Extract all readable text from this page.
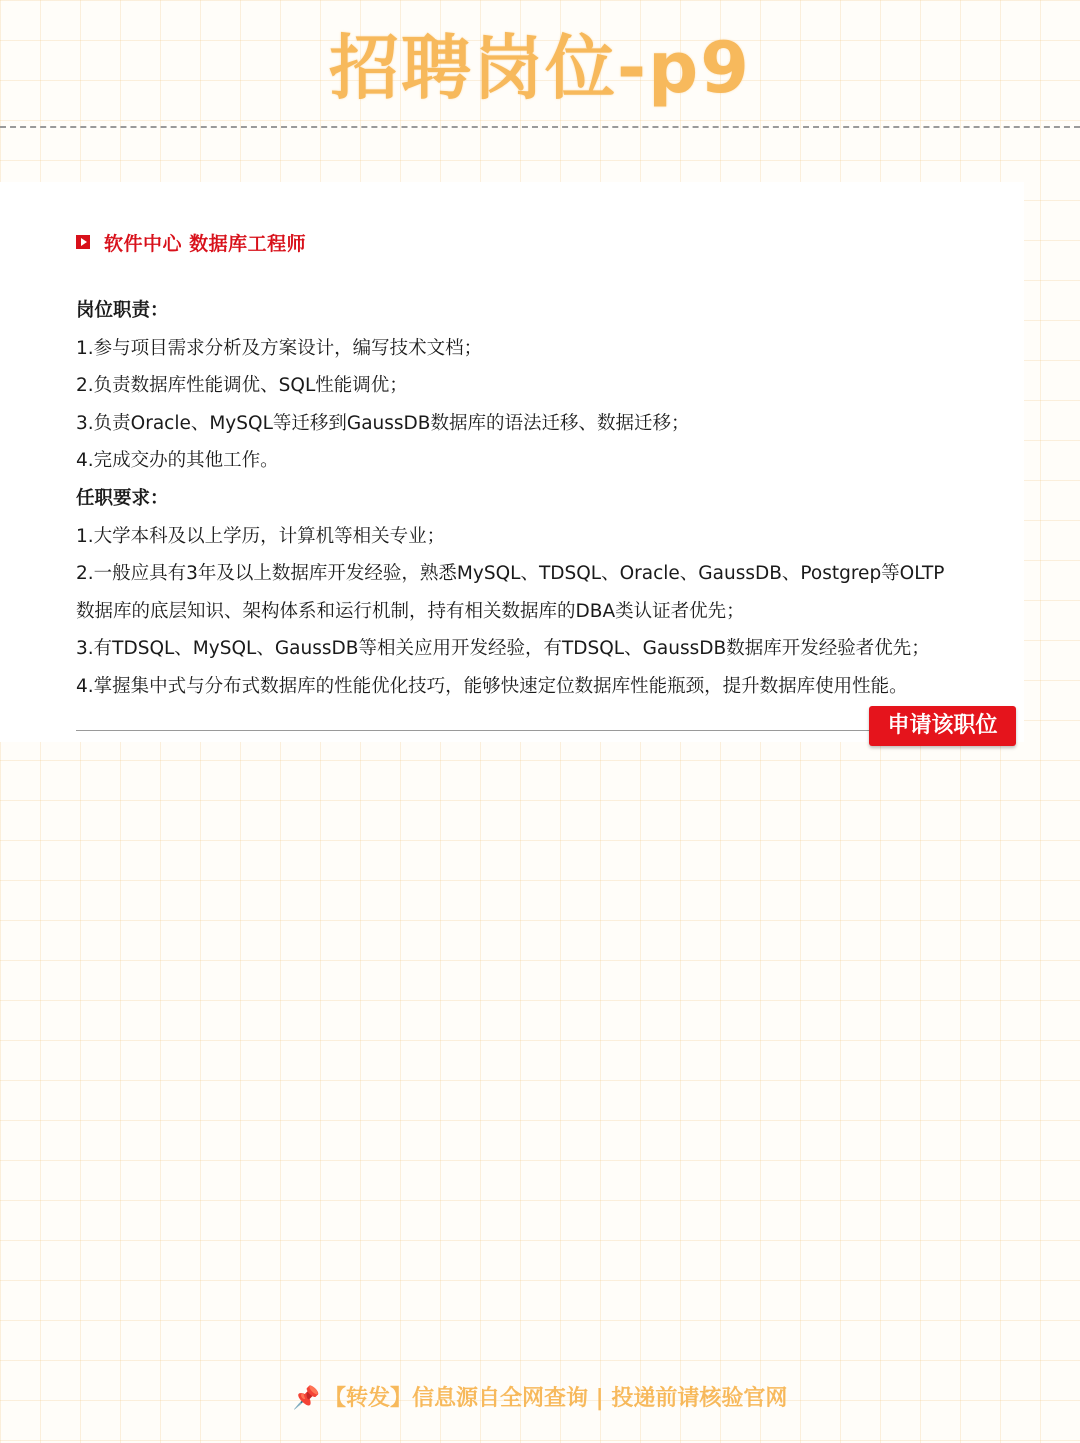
招聘岗位-p9
软件中心 数据库工程师
岗位职责：
1.参与项目需求分析及方案设计，编写技术文档；
2.负责数据库性能调优、SQL性能调优；
3.负责Oracle、MySQL等迁移到GaussDB数据库的语法迁移、数据迁移；
4.完成交办的其他工作。
任职要求：
1.大学本科及以上学历，计算机等相关专业；
2.一般应具有3年及以上数据库开发经验，熟悉MySQL、TDSQL、Oracle、GaussDB、Postgrep等OLTP
数据库的底层知识、架构体系和运行机制，持有相关数据库的DBA类认证者优先；
3.有TDSQL、MySQL、GaussDB等相关应用开发经验，有TDSQL、GaussDB数据库开发经验者优先；
4.掌握集中式与分布式数据库的性能优化技巧，能够快速定位数据库性能瓶颈，提升数据库使用性能。
申请该职位
📌 【转发】信息源自全网查询 | 投递前请核验官网
